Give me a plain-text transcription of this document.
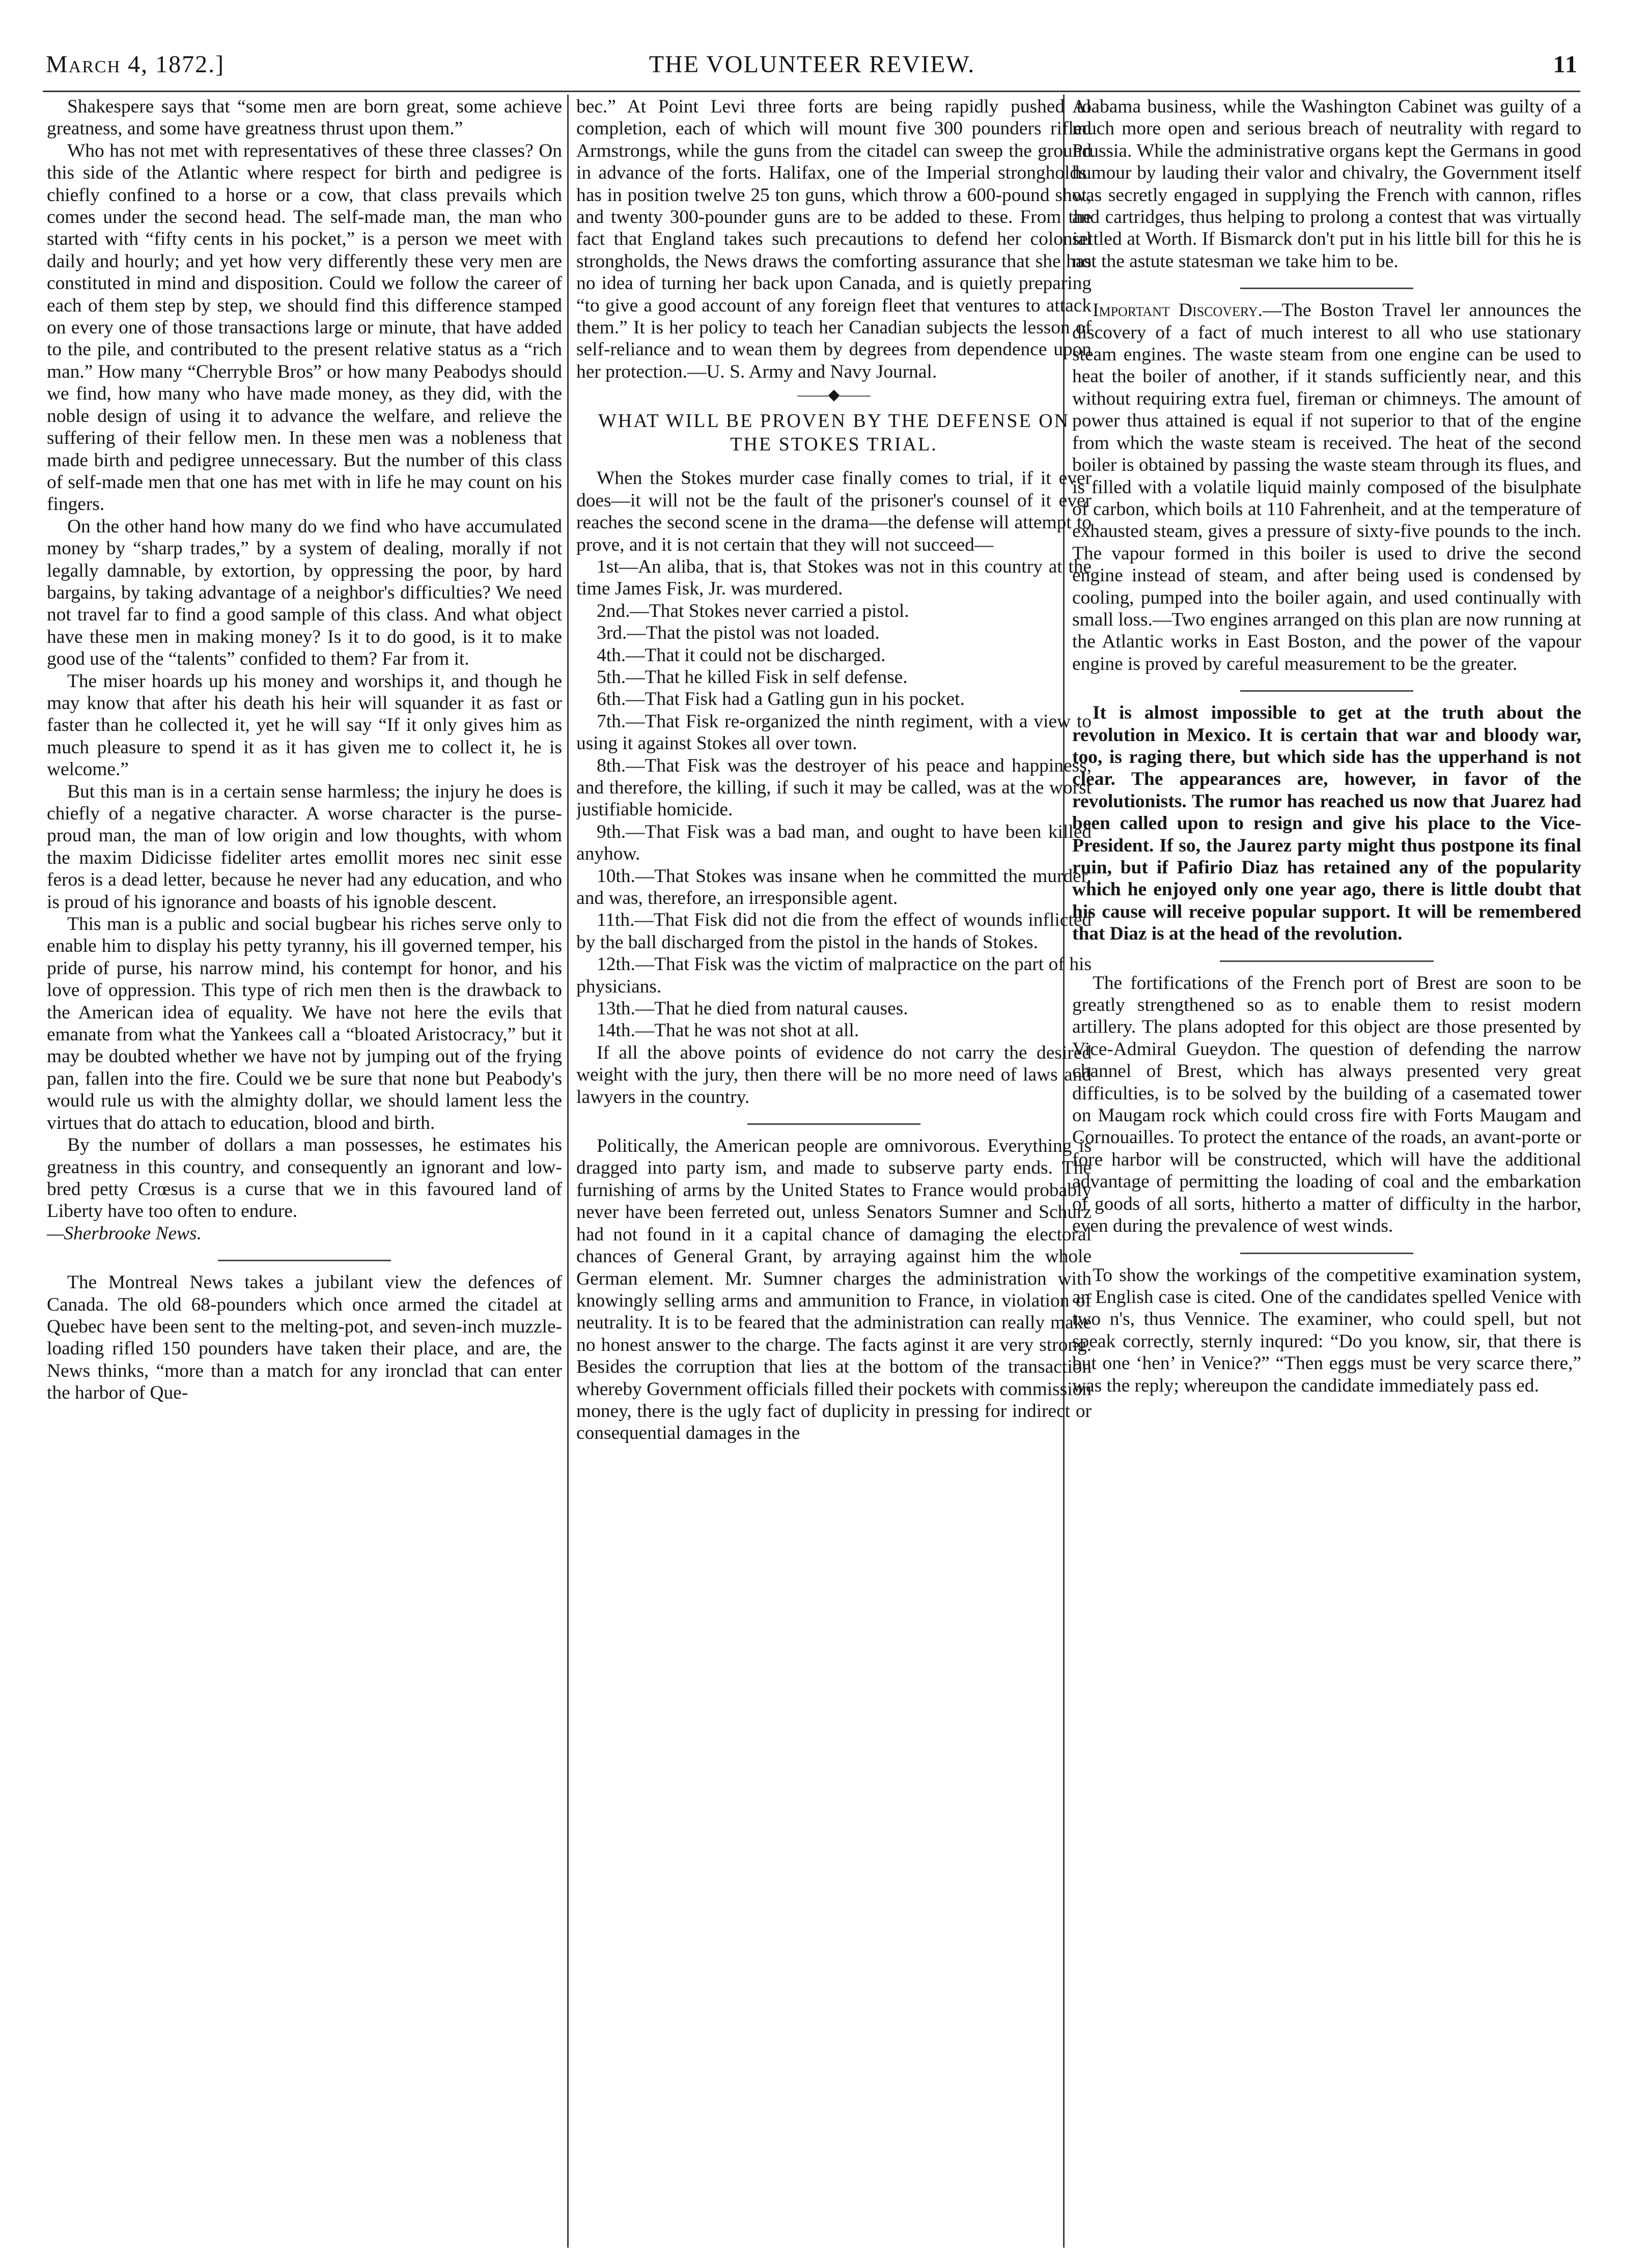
March 4, 1872.]	THE VOLUNTEER REVIEW.	11

Shakespere says that “some men are born great, some achieve greatness, and some have greatness thrust upon them.”

Who has not met with representatives of these three classes? On this side of the Atlantic where respect for birth and pedigree is chiefly confined to a horse or a cow, that class prevails which comes under the second head. The self-made man, the man who started with “fifty cents in his pocket,” is a person we meet with daily and hourly; and yet how very differently these very men are constituted in mind and disposition. Could we follow the career of each of them step by step, we should find this difference stamped on every one of those transactions large or minute, that have added to the pile, and contributed to the present relative status as a “rich man.” How many “Cherryble Bros” or how many Peabodys should we find, how many who have made money, as they did, with the noble design of using it to advance the welfare, and relieve the suffering of their fellow men. In these men was a nobleness that made birth and pedigree unnecessary. But the number of this class of self-made men that one has met with in life he may count on his fingers.

On the other hand how many do we find who have accumulated money by “sharp trades,” by a system of dealing, morally if not legally damnable, by extortion, by oppressing the poor, by hard bargains, by taking advantage of a neighbor's difficulties? We need not travel far to find a good sample of this class. And what object have these men in making money? Is it to do good, is it to make good use of the “talents” confided to them? Far from it.

The miser hoards up his money and worships it, and though he may know that after his death his heir will squander it as fast or faster than he collected it, yet he will say “If it only gives him as much pleasure to spend it as it has given me to collect it, he is welcome.”

But this man is in a certain sense harmless; the injury he does is chiefly of a negative character. A worse character is the purse-proud man, the man of low origin and low thoughts, with whom the maxim Didicisse fideliter artes emollit mores nec sinit esse feros is a dead letter, because he never had any education, and who is proud of his ignorance and boasts of his ignoble descent.

This man is a public and social bugbear his riches serve only to enable him to display his petty tyranny, his ill governed temper, his pride of purse, his narrow mind, his contempt for honor, and his love of oppression. This type of rich men then is the drawback to the American idea of equality. We have not here the evils that emanate from what the Yankees call a “bloated Aristocracy,” but it may be doubted whether we have not by jumping out of the frying pan, fallen into the fire. Could we be sure that none but Peabody's would rule us with the almighty dollar, we should lament less the virtues that do attach to education, blood and birth.

By the number of dollars a man possesses, he estimates his greatness in this country, and consequently an ignorant and low-bred petty Crœsus is a curse that we in this favoured land of Liberty have too often to endure.

—Sherbrooke News.

The Montreal News takes a jubilant view the defences of Canada. The old 68-pounders which once armed the citadel at Quebec have been sent to the melting-pot, and seven-inch muzzle-loading rifled 150 pounders have taken their place, and are, the News thinks, “more than a match for any ironclad that can enter the harbor of Que-

bec.” At Point Levi three forts are being rapidly pushed to completion, each of which will mount five 300 pounders rifled Armstrongs, while the guns from the citadel can sweep the ground in advance of the forts. Halifax, one of the Imperial strongholds. has in position twelve 25 ton guns, which throw a 600-pound shot, and twenty 300-pounder guns are to be added to these. From the fact that England takes such precautions to defend her colonial strongholds, the News draws the comforting assurance that she has no idea of turning her back upon Canada, and is quietly preparing “to give a good account of any foreign fleet that ventures to attack them.” It is her policy to teach her Canadian subjects the lesson of self-reliance and to wean them by degrees from dependence upon her protection.—U. S. Army and Navy Journal.

——◆——
WHAT WILL BE PROVEN BY THE DEFENSE ON THE STOKES TRIAL.

When the Stokes murder case finally comes to trial, if it ever does—it will not be the fault of the prisoner's counsel of it ever reaches the second scene in the drama—the defense will attempt to prove, and it is not certain that they will not succeed—

1st—An aliba, that is, that Stokes was not in this country at the time James Fisk, Jr. was murdered.
2nd.—That Stokes never carried a pistol.
3rd.—That the pistol was not loaded.
4th.—That it could not be discharged.
5th.—That he killed Fisk in self defense.
6th.—That Fisk had a Gatling gun in his pocket.
7th.—That Fisk re-organized the ninth regiment, with a view to using it against Stokes all over town.
8th.—That Fisk was the destroyer of his peace and happiness, and therefore, the killing, if such it may be called, was at the worst justifiable homicide.
9th.—That Fisk was a bad man, and ought to have been killed anyhow.
10th.—That Stokes was insane when he committed the murder, and was, therefore, an irresponsible agent.
11th.—That Fisk did not die from the effect of wounds inflicted by the ball discharged from the pistol in the hands of Stokes.
12th.—That Fisk was the victim of malpractice on the part of his physicians.
13th.—That he died from natural causes.
14th.—That he was not shot at all.

If all the above points of evidence do not carry the desired weight with the jury, then there will be no more need of laws and lawyers in the country.

Politically, the American people are omnivorous. Everything is dragged into party ism, and made to subserve party ends. The furnishing of arms by the United States to France would probably never have been ferreted out, unless Senators Sumner and Schurz had not found in it a capital chance of damaging the electoral chances of General Grant, by arraying against him the whole German element. Mr. Sumner charges the administration with knowingly selling arms and ammunition to France, in violation of neutrality. It is to be feared that the administration can really make no honest answer to the charge. The facts aginst it are very strong. Besides the corruption that lies at the bottom of the transaction whereby Government officials filled their pockets with commission money, there is the ugly fact of duplicity in pressing for indirect or consequential damages in the

Alabama business, while the Washington Cabinet was guilty of a much more open and serious breach of neutrality with regard to Prussia. While the administrative organs kept the Germans in good humour by lauding their valor and chivalry, the Government itself was secretly engaged in supplying the French with cannon, rifles and cartridges, thus helping to prolong a contest that was virtually settled at Worth. If Bismarck don't put in his little bill for this he is not the astute statesman we take him to be.

Important Discovery.—The Boston Travel ler announces the discovery of a fact of much interest to all who use stationary steam engines. The waste steam from one engine can be used to heat the boiler of another, if it stands sufficiently near, and this without requiring extra fuel, fireman or chimneys. The amount of power thus attained is equal if not superior to that of the engine from which the waste steam is received. The heat of the second boiler is obtained by passing the waste steam through its flues, and is filled with a volatile liquid mainly composed of the bisulphate of carbon, which boils at 110 Fahrenheit, and at the temperature of exhausted steam, gives a pressure of sixty-five pounds to the inch. The vapour formed in this boiler is used to drive the second engine instead of steam, and after being used is condensed by cooling, pumped into the boiler again, and used continually with small loss.—Two engines arranged on this plan are now running at the Atlantic works in East Boston, and the power of the vapour engine is proved by careful measurement to be the greater.

It is almost impossible to get at the truth about the revolution in Mexico. It is certain that war and bloody war, too, is raging there, but which side has the upperhand is not clear. The appearances are, however, in favor of the revolutionists. The rumor has reached us now that Juarez had been called upon to resign and give his place to the Vice-President. If so, the Jaurez party might thus postpone its final ruin, but if Pafirio Diaz has retained any of the popularity which he enjoyed only one year ago, there is little doubt that his cause will receive popular support. It will be remembered that Diaz is at the head of the revolution.

The fortifications of the French port of Brest are soon to be greatly strengthened so as to enable them to resist modern artillery. The plans adopted for this object are those presented by Vice-Admiral Gueydon. The question of defending the narrow channel of Brest, which has always presented very great difficulties, is to be solved by the building of a casemated tower on Maugam rock which could cross fire with Forts Maugam and Cornouailles. To protect the entance of the roads, an avant-porte or fore harbor will be constructed, which will have the additional advantage of permitting the loading of coal and the embarkation of goods of all sorts, hitherto a matter of difficulty in the harbor, even during the prevalence of west winds.

To show the workings of the competitive examination system, an English case is cited. One of the candidates spelled Venice with two n's, thus Vennice. The examiner, who could spell, but not speak correctly, sternly inqured: “Do you know, sir, that there is but one ‘hen’ in Venice?” “Then eggs must be very scarce there,” was the reply; whereupon the candidate immediately pass ed.
